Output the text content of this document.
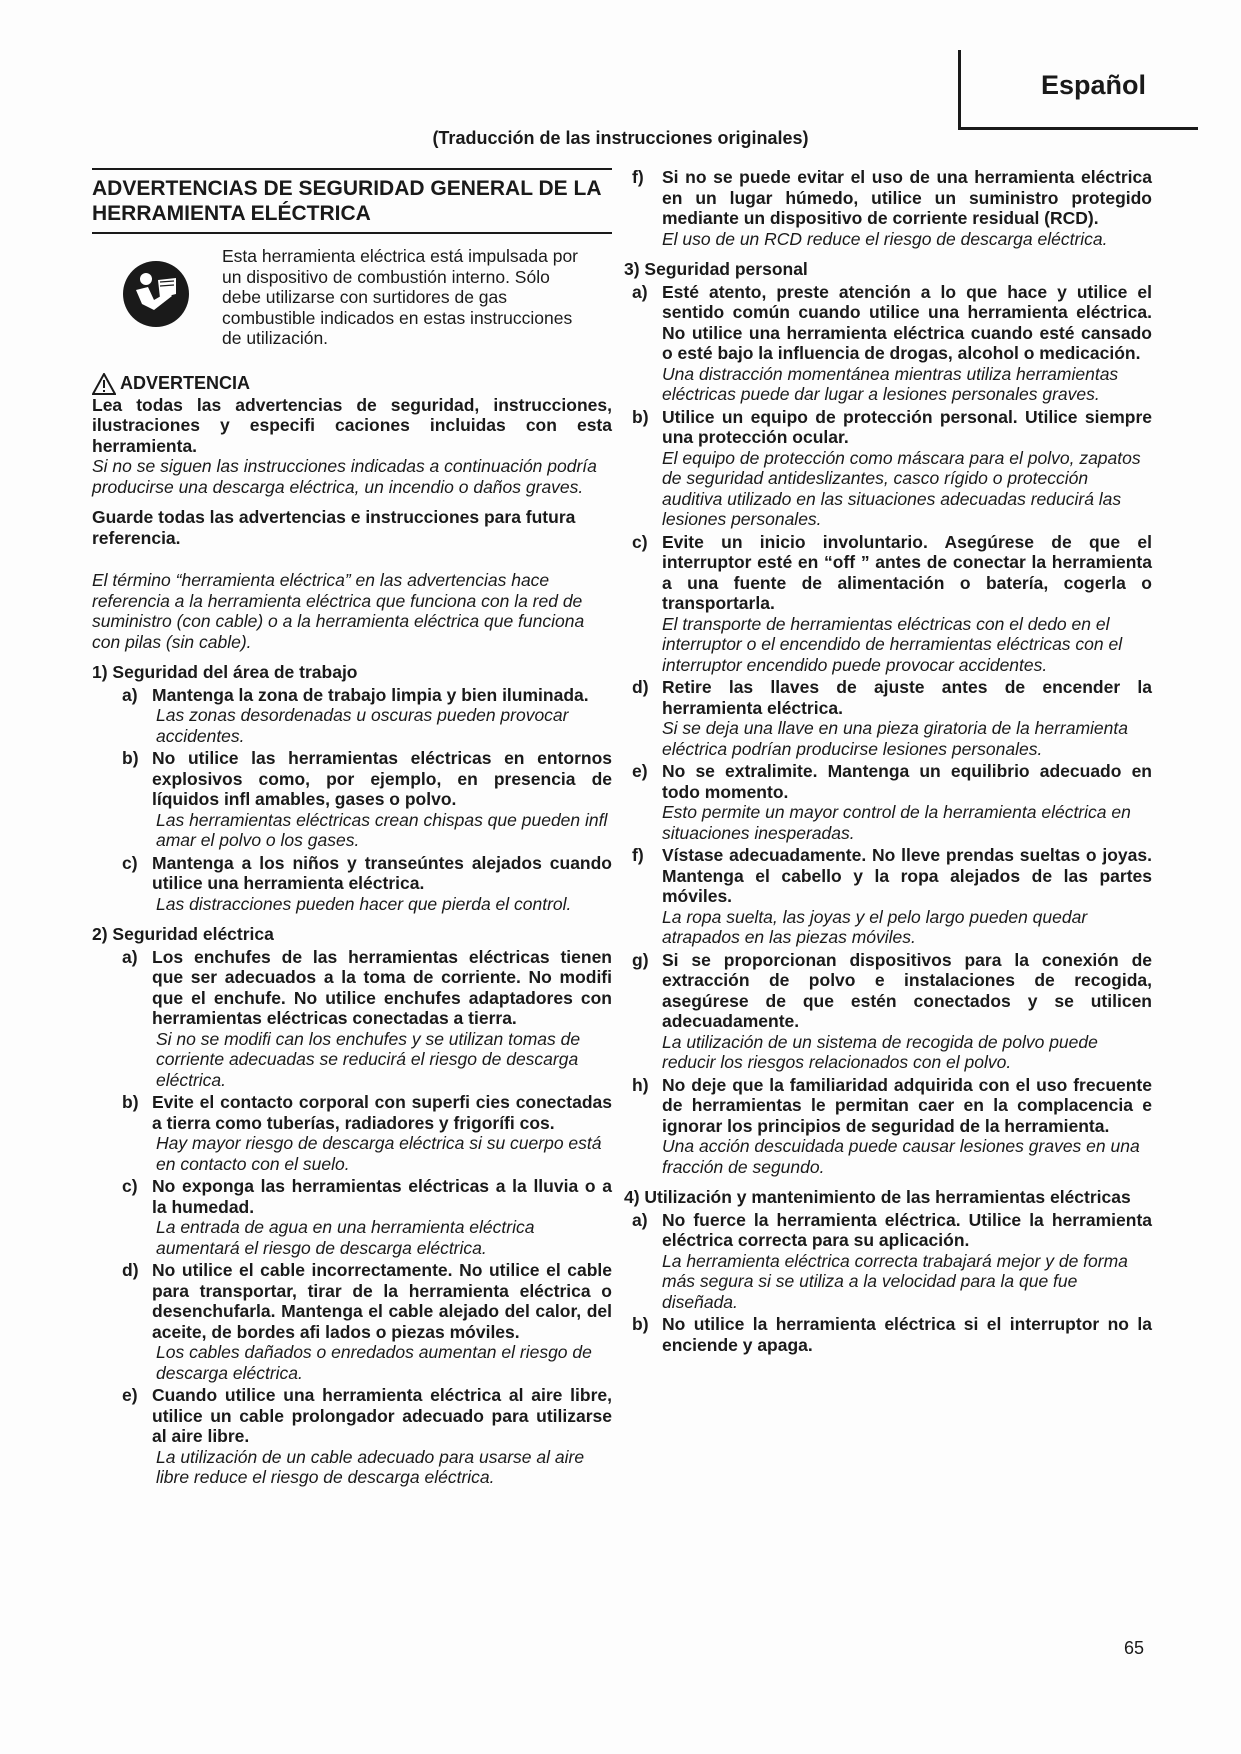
Español
(Traducción de las instrucciones originales)
ADVERTENCIAS DE SEGURIDAD GENERAL DE LA HERRAMIENTA ELÉCTRICA
Esta herramienta eléctrica está impulsada por un dispositivo de combustión interno. Sólo debe utilizarse con surtidores de gas combustible indicados en estas instrucciones de utilización.
ADVERTENCIA

Lea todas las advertencias de seguridad, instrucciones, ilustraciones y especifi caciones incluidas con esta herramienta.

Si no se siguen las instrucciones indicadas a continuación podría producirse una descarga eléctrica, un incendio o daños graves.

Guarde todas las advertencias e instrucciones para futura referencia.

El término “herramienta eléctrica” en las advertencias hace referencia a la herramienta eléctrica que funciona con la red de suministro (con cable) o a la herramienta eléctrica que funciona con pilas (sin cable).

1) Seguridad del área de trabajo

a) Mantenga la zona de trabajo limpia y bien iluminada.

Las zonas desordenadas u oscuras pueden provocar accidentes.

b) No utilice las herramientas eléctricas en entornos explosivos como, por ejemplo, en presencia de líquidos infl amables, gases o polvo.

Las herramientas eléctricas crean chispas que pueden infl amar el polvo o los gases.

c) Mantenga a los niños y transeúntes alejados cuando utilice una herramienta eléctrica.

Las distracciones pueden hacer que pierda el control.

2) Seguridad eléctrica

a) Los enchufes de las herramientas eléctricas tienen que ser adecuados a la toma de corriente. No modifi que el enchufe. No utilice enchufes adaptadores con herramientas eléctricas conectadas a tierra.

Si no se modifi can los enchufes y se utilizan tomas de corriente adecuadas se reducirá el riesgo de descarga eléctrica.

b) Evite el contacto corporal con superfi cies conectadas a tierra como tuberías, radiadores y frigorífi cos.

Hay mayor riesgo de descarga eléctrica si su cuerpo está en contacto con el suelo.

c) No exponga las herramientas eléctricas a la lluvia o a la humedad.

La entrada de agua en una herramienta eléctrica aumentará el riesgo de descarga eléctrica.

d) No utilice el cable incorrectamente. No utilice el cable para transportar, tirar de la herramienta eléctrica o desenchufarla. Mantenga el cable alejado del calor, del aceite, de bordes afi lados o piezas móviles.

Los cables dañados o enredados aumentan el riesgo de descarga eléctrica.

e) Cuando utilice una herramienta eléctrica al aire libre, utilice un cable prolongador adecuado para utilizarse al aire libre.

La utilización de un cable adecuado para usarse al aire libre reduce el riesgo de descarga eléctrica.

f)	Si no se puede evitar el uso de una herramienta eléctrica en un lugar húmedo, utilice un suministro protegido mediante un dispositivo de corriente residual (RCD).

El uso de un RCD reduce el riesgo de descarga eléctrica.

3) Seguridad personal

a) Esté atento, preste atención a lo que hace y utilice el sentido común cuando utilice una herramienta eléctrica. No utilice una herramienta eléctrica cuando esté cansado o esté bajo la influencia de drogas, alcohol o medicación.

Una distracción momentánea mientras utiliza herramientas eléctricas puede dar lugar a lesiones personales graves.

b) Utilice un equipo de protección personal. Utilice siempre una protección ocular.

El equipo de protección como máscara para el polvo, zapatos de seguridad antideslizantes, casco rígido o protección auditiva utilizado en las situaciones adecuadas reducirá las lesiones personales.

c) Evite un inicio involuntario. Asegúrese de que el interruptor esté en “off ” antes de conectar la herramienta a una fuente de alimentación o batería, cogerla o transportarla.

El transporte de herramientas eléctricas con el dedo en el interruptor o el encendido de herramientas eléctricas con el interruptor encendido puede provocar accidentes.

d) Retire las llaves de ajuste antes de encender la herramienta eléctrica.

Si se deja una llave en una pieza giratoria de la herramienta eléctrica podrían producirse lesiones personales.

e) No se extralimite. Mantenga un equilibrio adecuado en todo momento.

Esto permite un mayor control de la herramienta eléctrica en situaciones inesperadas.

f)	Vístase adecuadamente. No lleve prendas sueltas o joyas. Mantenga el cabello y la ropa alejados de las partes móviles.

La ropa suelta, las joyas y el pelo largo pueden quedar atrapados en las piezas móviles.

g) Si se proporcionan dispositivos para la conexión de extracción de polvo e instalaciones de recogida, asegúrese de que estén conectados y se utilicen adecuadamente.

La utilización de un sistema de recogida de polvo puede reducir los riesgos relacionados con el polvo.

h) No deje que la familiaridad adquirida con el uso frecuente de herramientas le permitan caer en la complacencia e ignorar los principios de seguridad de la herramienta.

Una acción descuidada puede causar lesiones graves en una fracción de segundo.

4) Utilización y mantenimiento de las herramientas eléctricas

a) No fuerce la herramienta eléctrica. Utilice la herramienta eléctrica correcta para su aplicación.

La herramienta eléctrica correcta trabajará mejor y de forma más segura si se utiliza a la velocidad para la que fue diseñada.

b) No utilice la herramienta eléctrica si el interruptor no la enciende y apaga.
65
